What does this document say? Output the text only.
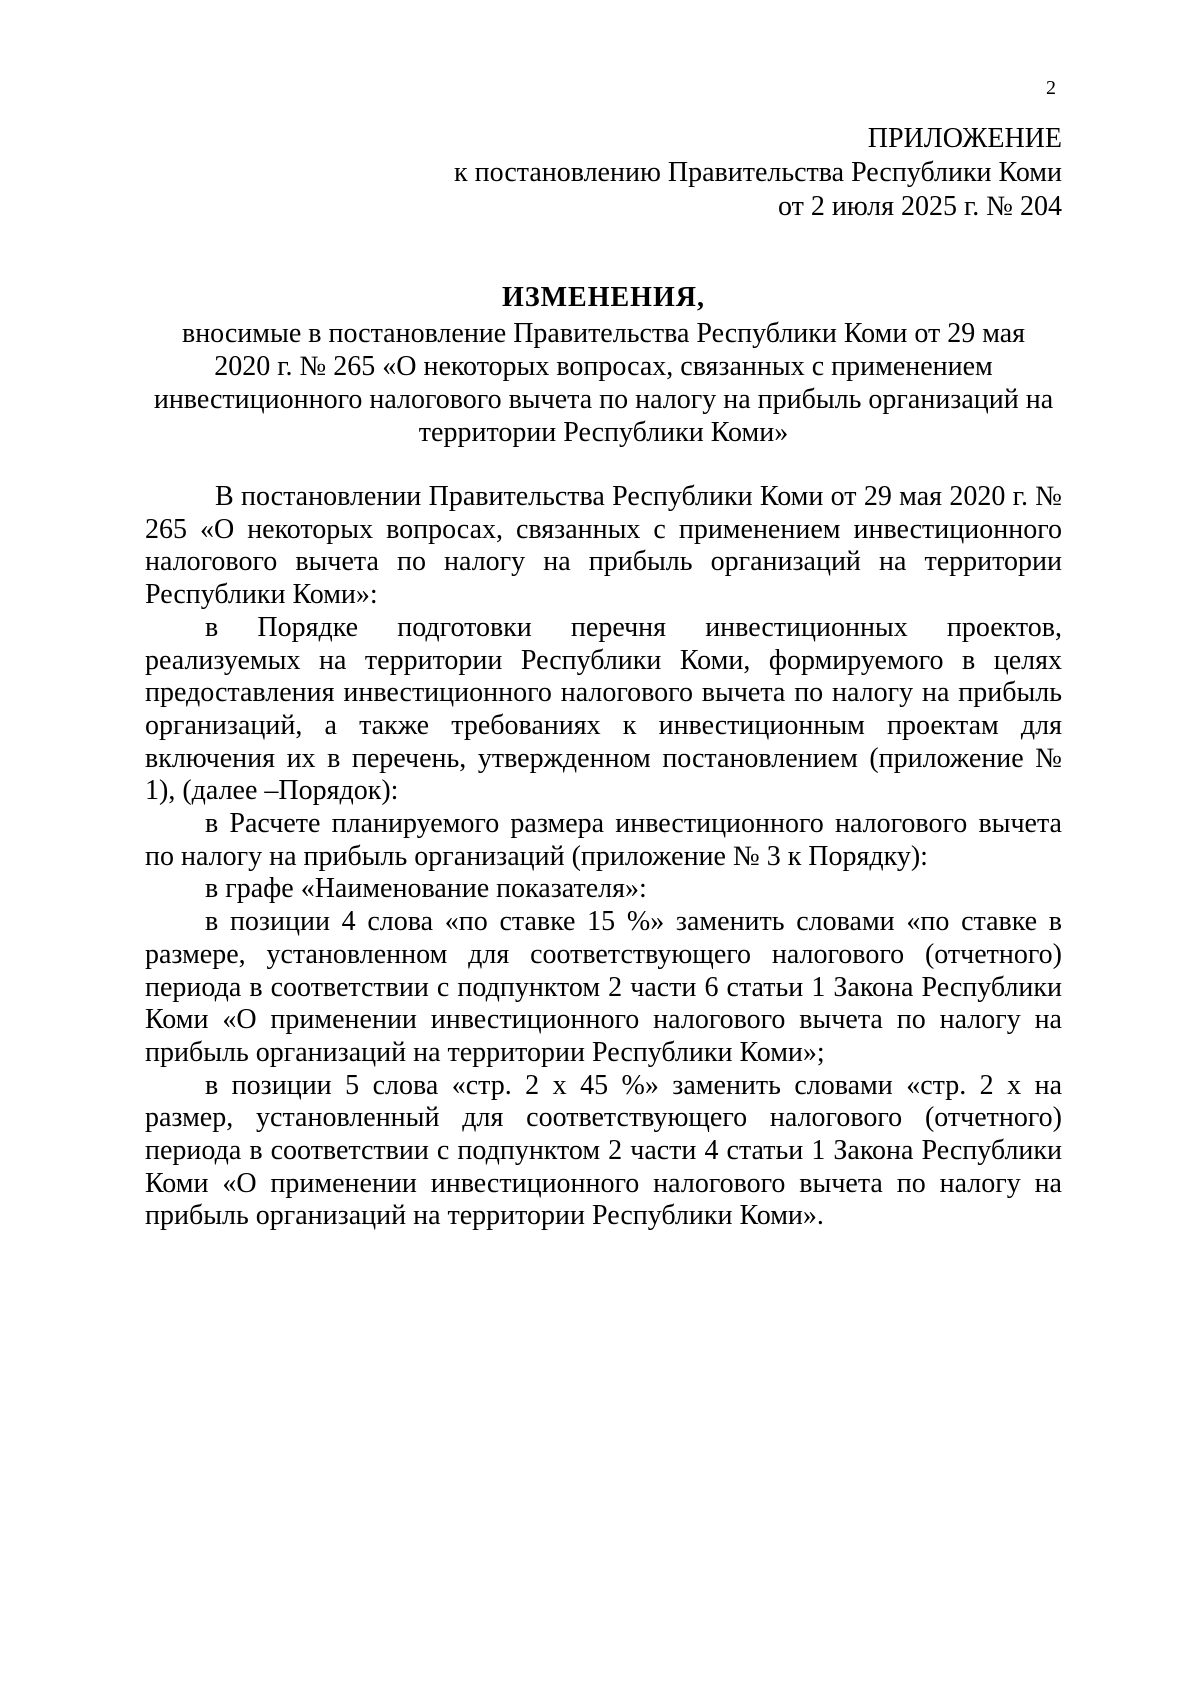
2
ПРИЛОЖЕНИЕ
к постановлению Правительства Республики Коми
от 2 июля 2025 г. № 204
ИЗМЕНЕНИЯ,
вносимые в постановление Правительства Республики Коми от 29 мая
2020 г. № 265 «О некоторых вопросах, связанных с применением
инвестиционного налогового вычета по налогу на прибыль организаций на
территории Республики Коми»

В постановлении Правительства Республики Коми от 29 мая 2020 г. № 265 «О некоторых вопросах, связанных с применением инвестиционного налогового вычета по налогу на прибыль организаций на территории Республики Коми»:

в Порядке подготовки перечня инвестиционных проектов, реализуемых на территории Республики Коми, формируемого в целях предоставления инвестиционного налогового вычета по налогу на прибыль организаций, а также требованиях к инвестиционным проектам для включения их в перечень, утвержденном постановлением (приложение № 1), (далее –Порядок):

в Расчете планируемого размера инвестиционного налогового вычета по налогу на прибыль организаций (приложение № 3 к Порядку):

в графе «Наименование показателя»:

в позиции 4 слова «по ставке 15 %» заменить словами «по ставке в размере, установленном для соответствующего налогового (отчетного) периода в соответствии с подпунктом 2 части 6 статьи 1 Закона Республики Коми «О применении инвестиционного налогового вычета по налогу на прибыль организаций на территории Республики Коми»;

в позиции 5 слова «стр. 2 х 45 %» заменить словами «стр. 2 х на размер, установленный для соответствующего налогового (отчетного) периода в соответствии с подпунктом 2 части 4 статьи 1 Закона Республики Коми «О применении инвестиционного налогового вычета по налогу на прибыль организаций на территории Республики Коми».
